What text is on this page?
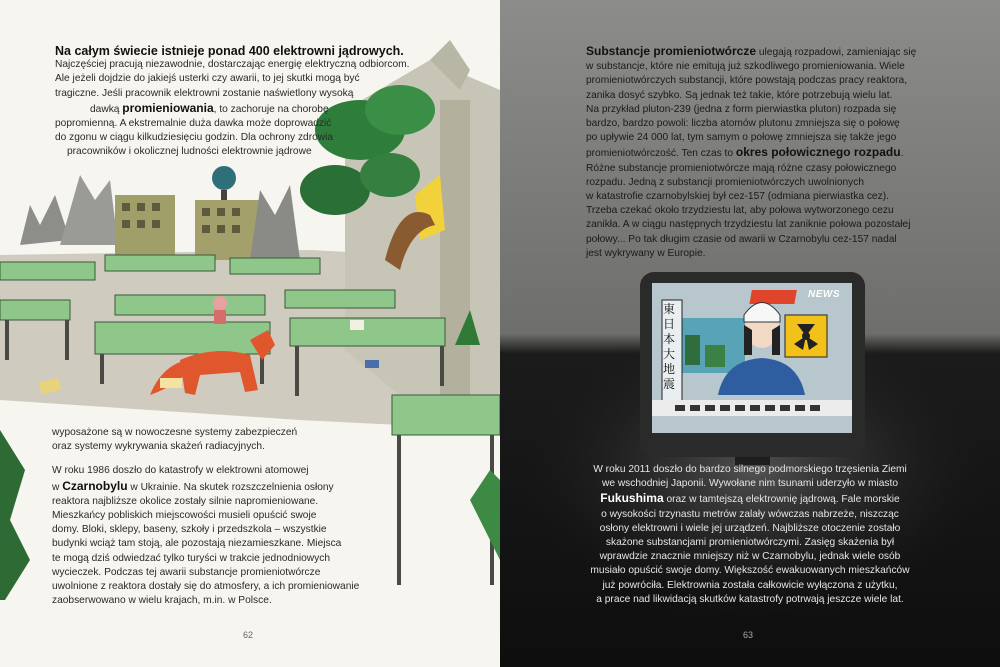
Na całym świecie istnieje ponad 400 elektrowni jądrowych.

Najczęściej pracują niezawodnie, dostarczając energię elektryczną odbiorcom.

Ale jeżeli dojdzie do jakiejś usterki czy awarii, to jej skutki mogą być

tragiczne. Jeśli pracownik elektrowni zostanie naświetlony wysoką

dawką promieniowania, to zachoruje na chorobę

popromienną. A ekstremalnie duża dawka może doprowadzić

do zgonu w ciągu kilkudziesięciu godzin. Dla ochrony zdrowia

pracowników i okolicznej ludności elektrownie jądrowe

wyposażone są w nowoczesne systemy zabezpieczeń

oraz systemy wykrywania skażeń radiacyjnych.

W roku 1986 doszło do katastrofy w elektrowni atomowej

w Czarnobylu w Ukrainie. Na skutek rozszczelnienia osłony

reaktora najbliższe okolice zostały silnie napromieniowane.

Mieszkańcy pobliskich miejscowości musieli opuścić swoje

domy. Bloki, sklepy, baseny, szkoły i przedszkola – wszystkie

budynki wciąż tam stoją, ale pozostają niezamieszkane. Miejsca

te mogą dziś odwiedzać tylko turyści w trakcie jednodniowych

wycieczek. Podczas tej awarii substancje promieniotwórcze

uwolnione z reaktora dostały się do atmosfery, a ich promieniowanie

zaobserwowano w wielu krajach, m.in. w Polsce.

62
NEWS
東日本大地震

Substancje promieniotwórcze ulegają rozpadowi, zamieniając się

w substancje, które nie emitują już szkodliwego promieniowania. Wiele

promieniotwórczych substancji, które powstają podczas pracy reaktora,

zanika dosyć szybko. Są jednak też takie, które potrzebują wielu lat.

Na przykład pluton-239 (jedna z form pierwiastka pluton) rozpada się

bardzo, bardzo powoli: liczba atomów plutonu zmniejsza się o połowę

po upływie 24 000 lat, tym samym o połowę zmniejsza się także jego

promieniotwórczość. Ten czas to okres połowicznego rozpadu.

Różne substancje promieniotwórcze mają różne czasy połowicznego

rozpadu. Jedną z substancji promieniotwórczych uwolnionych

w katastrofie czarnobylskiej był cez-157 (odmiana pierwiastka cez).

Trzeba czekać około trzydziestu lat, aby połowa wytworzonego cezu

zanikła. A w ciągu następnych trzydziestu lat zaniknie połowa pozostałej

połowy... Po tak długim czasie od awarii w Czarnobylu cez-157 nadal

jest wykrywany w Europie.

W roku 2011 doszło do bardzo silnego podmorskiego trzęsienia Ziemi

we wschodniej Japonii. Wywołane nim tsunami uderzyło w miasto

Fukushima oraz w tamtejszą elektrownię jądrową. Fale morskie

o wysokości trzynastu metrów zalały wówczas nabrzeże, niszcząc

osłony elektrowni i wiele jej urządzeń. Najbliższe otoczenie zostało

skażone substancjami promieniotwórczymi. Zasięg skażenia był

wprawdzie znacznie mniejszy niż w Czarnobylu, jednak wiele osób

musiało opuścić swoje domy. Większość ewakuowanych mieszkańców

już powróciła. Elektrownia została całkowicie wyłączona z użytku,

a prace nad likwidacją skutków katastrofy potrwają jeszcze wiele lat.

63
